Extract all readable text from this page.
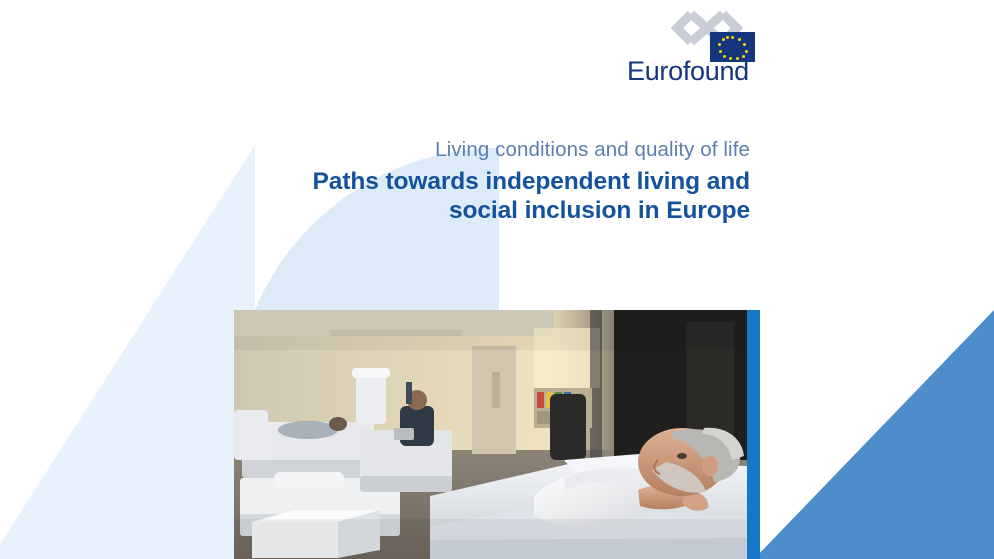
Eurofound
Living conditions and quality of life
Paths towards independent living and
social inclusion in Europe
